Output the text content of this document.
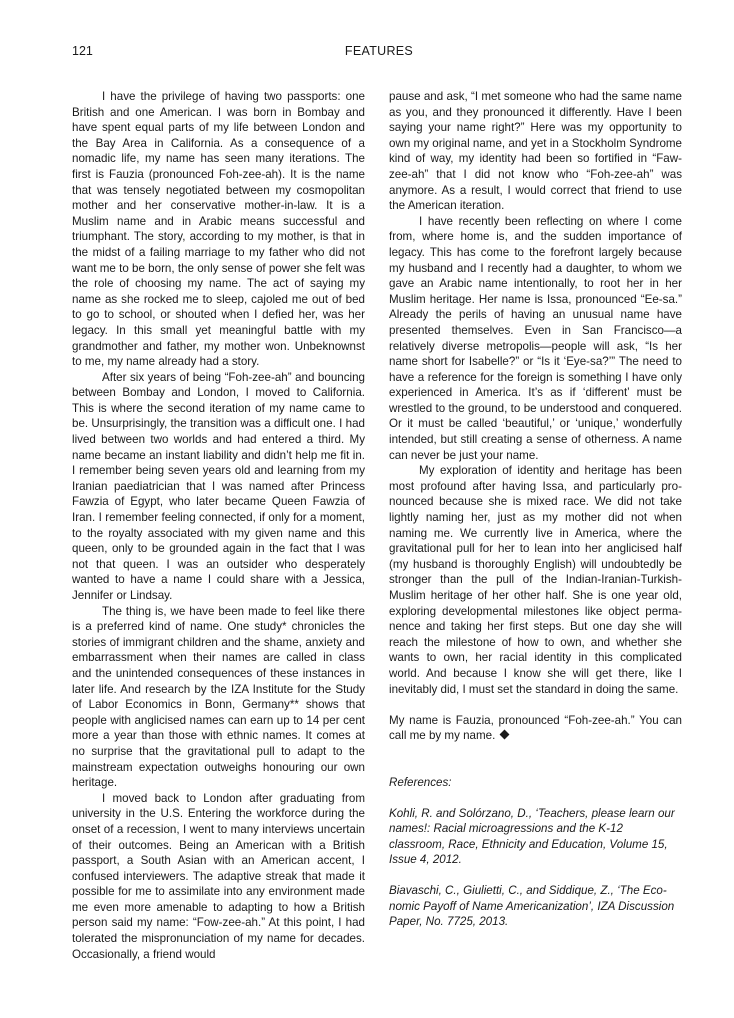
121	FEATURES

I have the privilege of having two passports: one British and one American. I was born in Bombay and have spent equal parts of my life between London and the Bay Area in California. As a consequence of a nomadic life, my name has seen many iterations. The first is Fauzia (pronounced Foh-zee-ah). It is the name that was tensely negotiated between my cosmopolitan mother and her conservative mother-in-law. It is a Muslim name and in Arabic means successful and triumphant. The story, according to my mother, is that in the midst of a failing marriage to my father who did not want me to be born, the only sense of power she felt was the role of choosing my name. The act of saying my name as she rocked me to sleep, cajoled me out of bed to go to school, or shouted when I defied her, was her legacy. In this small yet meaningful battle with my grandmother and father, my mother won. Unbeknownst to me, my name already had a story.

After six years of being “Foh-zee-ah” and bouncing between Bombay and London, I moved to California. This is where the second iteration of my name came to be. Unsurprisingly, the transition was a difficult one. I had lived between two worlds and had entered a third. My name became an instant liability and didn’t help me fit in. I remember being seven years old and learning from my Iranian paediatrician that I was named after Princess Fawzia of Egypt, who later became Queen Fawzia of Iran. I remember feeling connected, if only for a moment, to the royalty associated with my given name and this queen, only to be grounded again in the fact that I was not that queen. I was an outsider who desperately wanted to have a name I could share with a Jessica, Jennifer or Lindsay.

The thing is, we have been made to feel like there is a preferred kind of name. One study* chronicles the stories of immigrant children and the shame, anxiety and embarrassment when their names are called in class and the unintended consequences of these instances in later life. And research by the IZA Institute for the Study of Labor Economics in Bonn, Germany** shows that people with anglicised names can earn up to 14 per cent more a year than those with ethnic names. It comes at no surprise that the gravitational pull to adapt to the mainstream expectation outweighs honouring our own heritage.

I moved back to London after graduating from university in the U.S. Entering the workforce during the onset of a recession, I went to many interviews uncertain of their outcomes. Being an American with a British passport, a South Asian with an American accent, I confused interviewers. The adaptive streak that made it possible for me to assimilate into any environment made me even more amenable to adapting to how a British person said my name: “Fow-zee-ah.” At this point, I had tolerated the mispronunciation of my name for decades. Occasionally, a friend would

pause and ask, “I met someone who had the same name as you, and they pronounced it differently. Have I been saying your name right?” Here was my opportunity to own my original name, and yet in a Stockholm Syndrome kind of way, my identity had been so fortified in “Faw-zee-ah” that I did not know who “Foh-zee-ah” was anymore. As a result, I would correct that friend to use the American iteration.

I have recently been reflecting on where I come from, where home is, and the sudden importance of legacy. This has come to the forefront largely because my husband and I recently had a daughter, to whom we gave an Arabic name intentionally, to root her in her Muslim heritage. Her name is Issa, pronounced “Ee-sa.” Already the perils of having an unusual name have presented themselves. Even in San Francisco—a relatively diverse metropolis—people will ask, “Is her name short for Isabelle?” or “Is it ‘Eye-sa?’” The need to have a reference for the foreign is something I have only experienced in America. It’s as if ‘different’ must be wrestled to the ground, to be understood and conquered. Or it must be called ‘beautiful,’ or ‘unique,’ wonderfully intended, but still creating a sense of otherness. A name can never be just your name.

My exploration of identity and heritage has been most profound after having Issa, and particularly pronounced because she is mixed race. We did not take lightly naming her, just as my mother did not when naming me. We currently live in America, where the gravitational pull for her to lean into her anglicised half (my husband is thoroughly English) will undoubtedly be stronger than the pull of the Indian-Iranian-Turkish-Muslim heritage of her other half. She is one year old, exploring developmental milestones like object permanence and taking her first steps. But one day she will reach the milestone of how to own, and whether she wants to own, her racial identity in this complicated world. And because I know she will get there, like I inevitably did, I must set the standard in doing the same.

My name is Fauzia, pronounced “Foh-zee-ah.” You can call me by my name.

References:

Kohli, R. and Solórzano, D., ‘Teachers, please learn our names!: Racial microagressions and the K-12 classroom, Race, Ethnicity and Education, Volume 15, Issue 4, 2012.

Biavaschi, C., Giulietti, C., and Siddique, Z., ‘The Economic Payoff of Name Americanization’, IZA Discussion Paper, No. 7725, 2013.
